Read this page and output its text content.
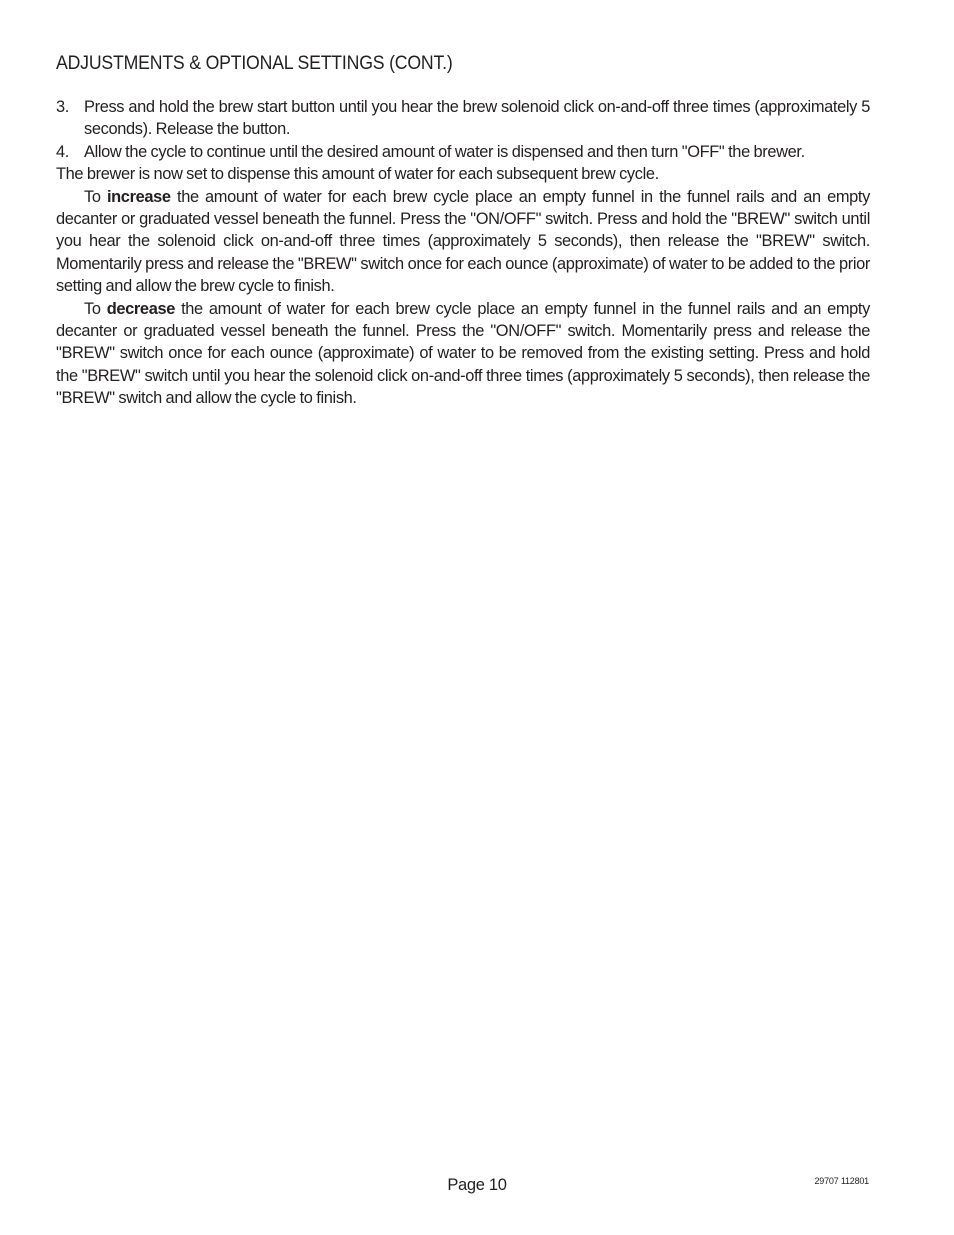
ADJUSTMENTS & OPTIONAL SETTINGS (CONT.)
3. Press and hold the brew start button until you hear the brew solenoid click on-and-off three times (approximately 5 seconds). Release the button.
4. Allow the cycle to continue until the desired amount of water is dispensed and then turn "OFF" the brewer.

The brewer is now set to dispense this amount of water for each subsequent brew cycle.

To increase the amount of water for each brew cycle place an empty funnel in the funnel rails and an empty decanter or graduated vessel beneath the funnel. Press the "ON/OFF" switch. Press and hold the "BREW" switch until you hear the solenoid click on-and-off three times (approximately 5 seconds), then release the "BREW" switch. Momentarily press and release the "BREW" switch once for each ounce (approximate) of water to be added to the prior setting and allow the brew cycle to finish.

To decrease the amount of water for each brew cycle place an empty funnel in the funnel rails and an empty decanter or graduated vessel beneath the funnel. Press the "ON/OFF" switch. Momentarily press and release the "BREW" switch once for each ounce (approximate) of water to be removed from the existing setting. Press and hold the "BREW" switch until you hear the solenoid click on-and-off three times (approximately 5 seconds), then release the "BREW" switch and allow the cycle to finish.

Page 10	29707 112801
